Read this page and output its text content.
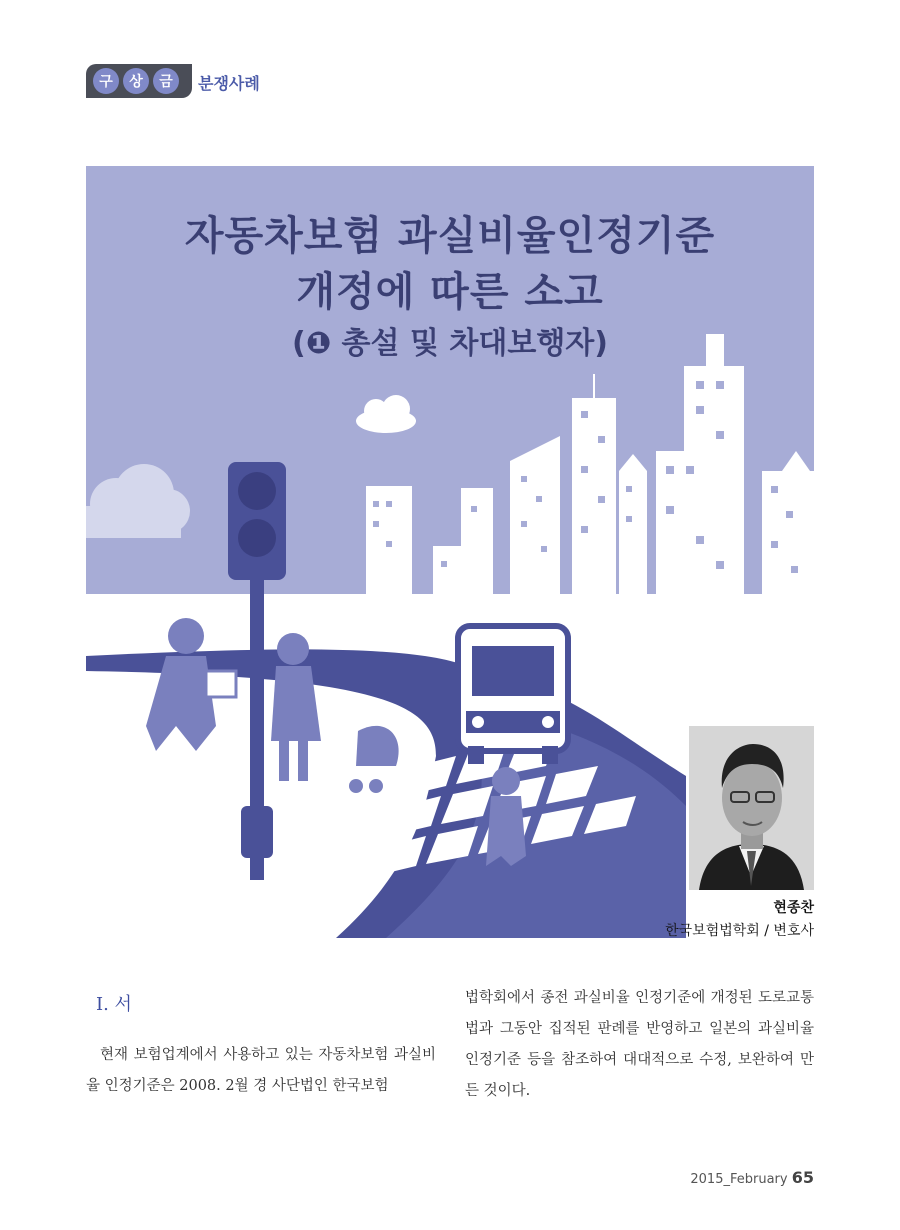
구	상	금	분쟁사례
자동차보험 과실비율인정기준
개정에 따른 소고
(❶ 총설 및 차대보행자)
현종찬
한국보험법학회 / 변호사
Ⅰ. 서
현재 보험업계에서 사용하고 있는 자동차보험 과실비율 인정기준은 2008. 2월 경 사단법인 한국보험
법학회에서 종전 과실비율 인정기준에 개정된 도로교통법과 그동안 집적된 판례를 반영하고 일본의 과실비율 인정기준 등을 참조하여 대대적으로 수정, 보완하여 만든 것이다.
2015_February 65
